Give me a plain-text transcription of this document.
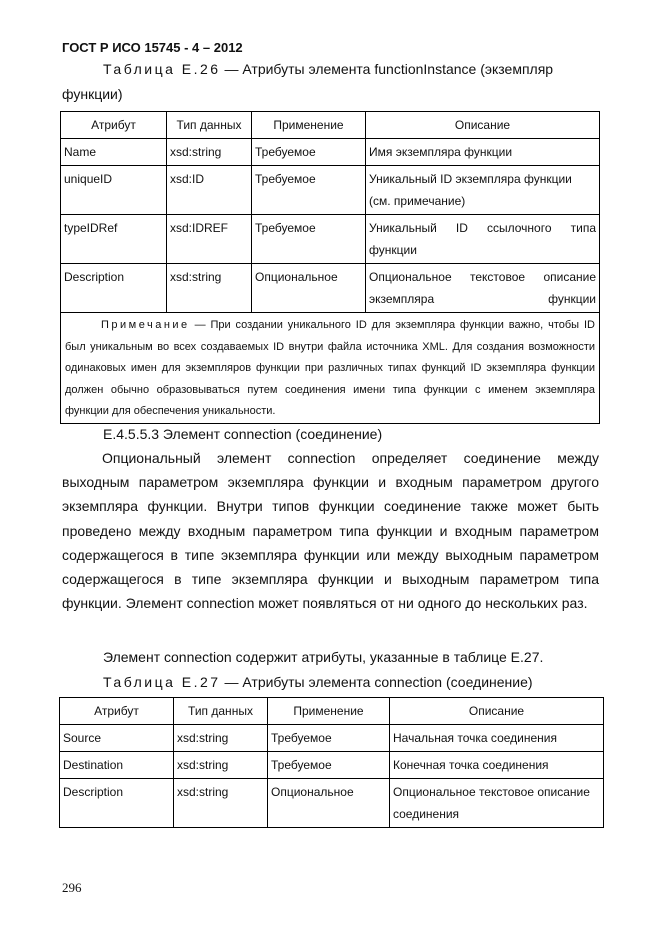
ГОСТ Р ИСО 15745 - 4 – 2012
Таблица Е.26 — Атрибуты элемента functionInstance (экземпляр
функции)
Атрибут	Тип данных	Применение	Описание
Name	xsd:string	Требуемое	Имя экземпляра функции
uniqueID	xsd:ID	Требуемое	Уникальный ID экземпляра функции (см. примечание)
typeIDRef	xsd:IDREF	Требуемое	Уникальный ID ссылочного типа функции
Description	xsd:string	Опциональное	Опциональное текстовое описание экземпляра функции

Примечание — При создании уникального ID для экземпляра функции важно, чтобы ID был уникальным во всех создаваемых ID внутри файла источника XML. Для создания возможности одинаковых имен для экземпляров функции при различных типах функций ID экземпляра функции должен обычно образовываться путем соединения имени типа функции с именем экземпляра функции для обеспечения уникальности.			
Е.4.5.5.3 Элемент connection (соединение)
Опциональный элемент connection определяет соединение между выходным параметром экземпляра функции и входным параметром другого экземпляра функции. Внутри типов функции соединение также может быть проведено между входным параметром типа функции и входным параметром содержащегося в типе экземпляра функции или между выходным параметром содержащегося в типе экземпляра функции и выходным параметром типа функции. Элемент connection может появляться от ни одного до нескольких раз.
Элемент connection содержит атрибуты, указанные в таблице Е.27.
Таблица Е.27 — Атрибуты элемента connection (соединение)
Атрибут	Тип данных	Применение	Описание
Source	xsd:string	Требуемое	Начальная точка соединения
Destination	xsd:string	Требуемое	Конечная точка соединения
Description	xsd:string	Опциональное	Опциональное текстовое описание соединения
296
